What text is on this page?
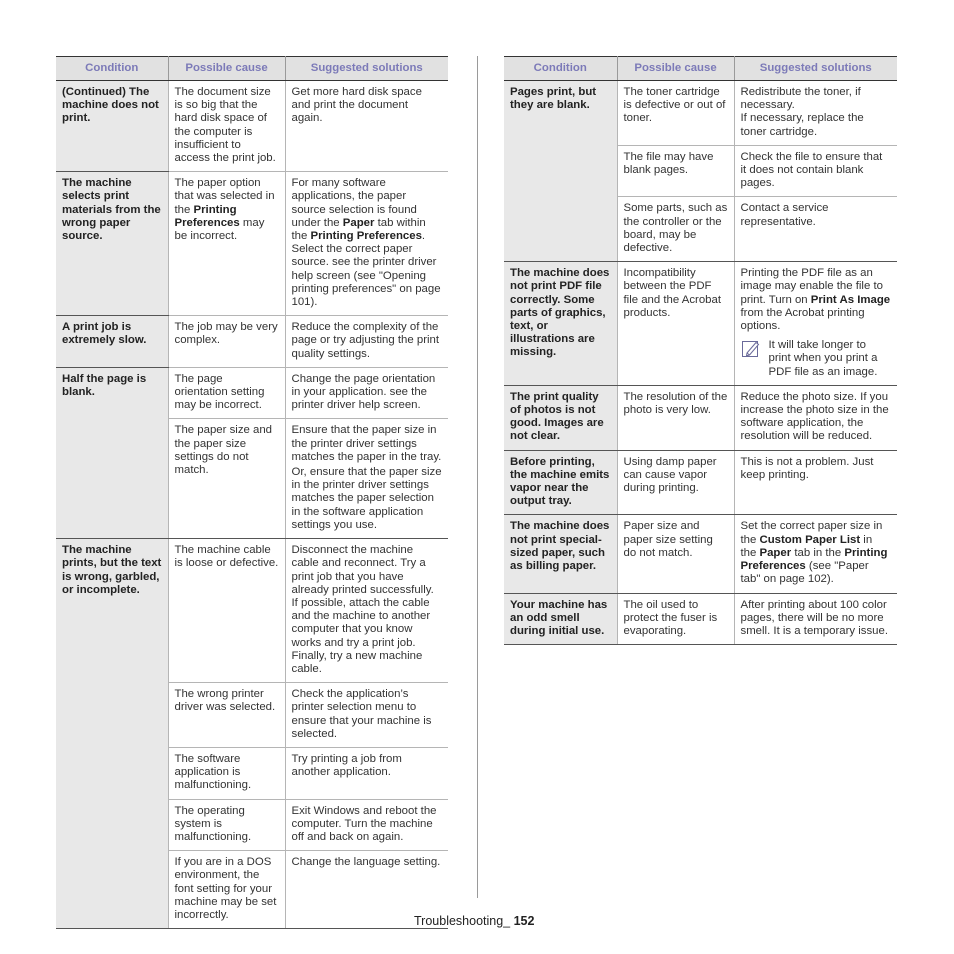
Condition	Possible cause	Suggested solutions
(Continued) The machine does not print.	The document size is so big that the hard disk space of the computer is insufficient to access the print job.	Get more hard disk space and print the document again.
The machine selects print materials from the wrong paper source.	The paper option that was selected in the Printing Preferences may be incorrect.	For many software applications, the paper source selection is found under the Paper tab within the Printing Preferences. Select the correct paper source. see the printer driver help screen (see "Opening printing preferences" on page 101).
A print job is extremely slow.	The job may be very complex.	Reduce the complexity of the page or try adjusting the print quality settings.
Half the page is blank.	The page orientation setting may be incorrect.	Change the page orientation in your application. see the printer driver help screen.
	The paper size and the paper size settings do not match.	Ensure that the paper size in the printer driver settings matches the paper in the tray.
Or, ensure that the paper size in the printer driver settings matches the paper selection in the software application settings you use.

The machine prints, but the text is wrong, garbled, or incomplete.	The machine cable is loose or defective.	Disconnect the machine cable and reconnect. Try a print job that you have already printed successfully. If possible, attach the cable and the machine to another computer that you know works and try a print job. Finally, try a new machine cable.
	The wrong printer driver was selected.	Check the application’s printer selection menu to ensure that your machine is selected.
	The software application is malfunctioning.	Try printing a job from another application.
	The operating system is malfunctioning.	Exit Windows and reboot the computer. Turn the machine off and back on again.
	If you are in a DOS environment, the font setting for your machine may be set incorrectly.	Change the language setting.
Condition	Possible cause	Suggested solutions
Pages print, but they are blank.	The toner cartridge is defective or out of toner.	Redistribute the toner, if necessary.
If necessary, replace the toner cartridge.

	The file may have blank pages.	Check the file to ensure that it does not contain blank pages.
	Some parts, such as the controller or the board, may be defective.	Contact a service representative.
The machine does not print PDF file correctly. Some parts of graphics, text, or illustrations are missing.	Incompatibility between the PDF file and the Acrobat products.	Printing the PDF file as an image may enable the file to print. Turn on Print As Image from the Acrobat printing options.
It will take longer to print when you print a PDF file as an image.

The print quality of photos is not good. Images are not clear.	The resolution of the photo is very low.	Reduce the photo size. If you increase the photo size in the software application, the resolution will be reduced.
Before printing, the machine emits vapor near the output tray.	Using damp paper can cause vapor during printing.	This is not a problem. Just keep printing.
The machine does not print special- sized paper, such as billing paper.	Paper size and paper size setting do not match.	Set the correct paper size in the Custom Paper List in the Paper tab in the Printing Preferences (see "Paper tab" on page 102).
Your machine has an odd smell during initial use.	The oil used to protect the fuser is evaporating.	After printing about 100 color pages, there will be no more smell. It is a temporary issue.
Troubleshooting_ 152
